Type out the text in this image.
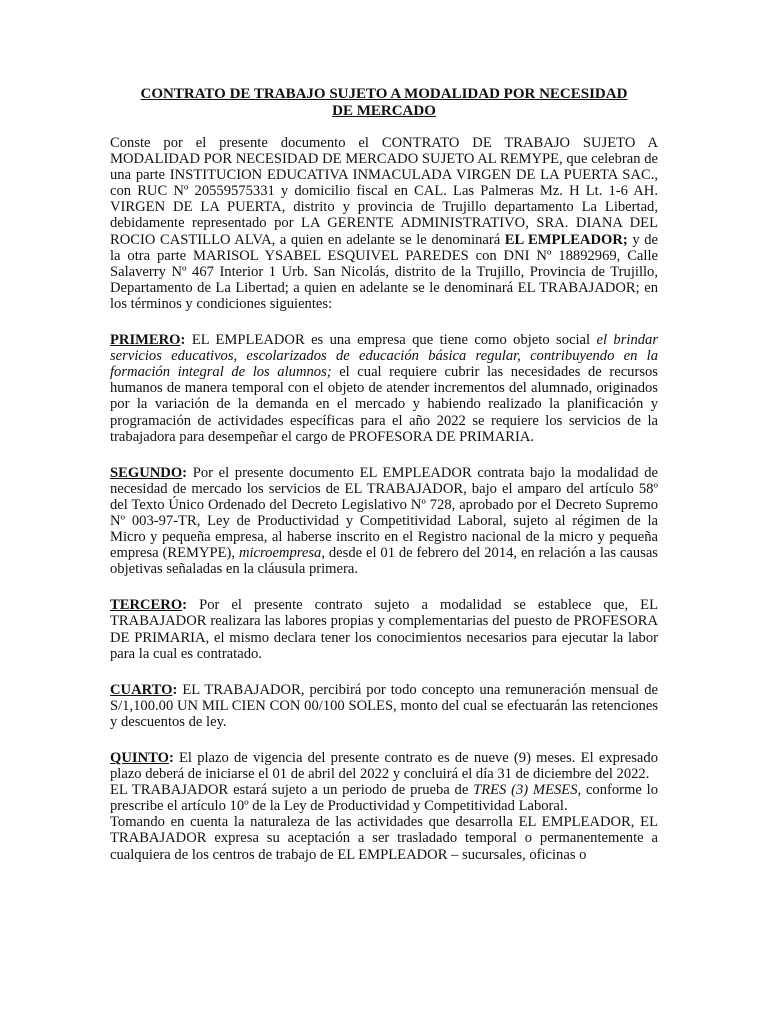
CONTRATO DE TRABAJO SUJETO A MODALIDAD POR NECESIDAD
DE MERCADO

Conste por el presente documento el CONTRATO DE TRABAJO SUJETO A MODALIDAD POR NECESIDAD DE MERCADO SUJETO AL REMYPE, que celebran de una parte INSTITUCION EDUCATIVA INMACULADA VIRGEN DE LA PUERTA SAC., con RUC Nº 20559575331 y domicilio fiscal en CAL. Las Palmeras Mz. H Lt. 1-6 AH. VIRGEN DE LA PUERTA, distrito y provincia de Trujillo departamento La Libertad, debidamente representado por LA GERENTE ADMINISTRATIVO, SRA. DIANA DEL ROCIO CASTILLO ALVA, a quien en adelante se le denominará EL EMPLEADOR; y de la otra parte MARISOL YSABEL ESQUIVEL PAREDES con DNI Nº 18892969, Calle Salaverry Nº 467 Interior 1 Urb. San Nicolás, distrito de la Trujillo, Provincia de Trujillo, Departamento de La Libertad; a quien en adelante se le denominará EL TRABAJADOR; en los términos y condiciones siguientes:

PRIMERO: EL EMPLEADOR es una empresa que tiene como objeto social el brindar servicios educativos, escolarizados de educación básica regular, contribuyendo en la formación integral de los alumnos; el cual requiere cubrir las necesidades de recursos humanos de manera temporal con el objeto de atender incrementos del alumnado, originados por la variación de la demanda en el mercado y habiendo realizado la planificación y programación de actividades específicas para el año 2022 se requiere los servicios de la trabajadora para desempeñar el cargo de PROFESORA DE PRIMARIA.

SEGUNDO: Por el presente documento EL EMPLEADOR contrata bajo la modalidad de necesidad de mercado los servicios de EL TRABAJADOR, bajo el amparo del artículo 58º del Texto Único Ordenado del Decreto Legislativo Nº 728, aprobado por el Decreto Supremo Nº 003-97-TR, Ley de Productividad y Competitividad Laboral, sujeto al régimen de la Micro y pequeña empresa, al haberse inscrito en el Registro nacional de la micro y pequeña empresa (REMYPE), microempresa, desde el 01 de febrero del 2014, en relación a las causas objetivas señaladas en la cláusula primera.

TERCERO: Por el presente contrato sujeto a modalidad se establece que, EL TRABAJADOR realizara las labores propias y complementarias del puesto de PROFESORA DE PRIMARIA, el mismo declara tener los conocimientos necesarios para ejecutar la labor para la cual es contratado.

CUARTO: EL TRABAJADOR, percibirá por todo concepto una remuneración mensual de S/1,100.00 UN MIL CIEN CON 00/100 SOLES, monto del cual se efectuarán las retenciones y descuentos de ley.

QUINTO: El plazo de vigencia del presente contrato es de nueve (9) meses. El expresado plazo deberá de iniciarse el 01 de abril del 2022 y concluirá el día 31 de diciembre del 2022.

EL TRABAJADOR estará sujeto a un periodo de prueba de TRES (3) MESES, conforme lo prescribe el artículo 10º de la Ley de Productividad y Competitividad Laboral.

Tomando en cuenta la naturaleza de las actividades que desarrolla EL EMPLEADOR, EL TRABAJADOR expresa su aceptación a ser trasladado temporal o permanentemente a cualquiera de los centros de trabajo de EL EMPLEADOR – sucursales, oficinas o
